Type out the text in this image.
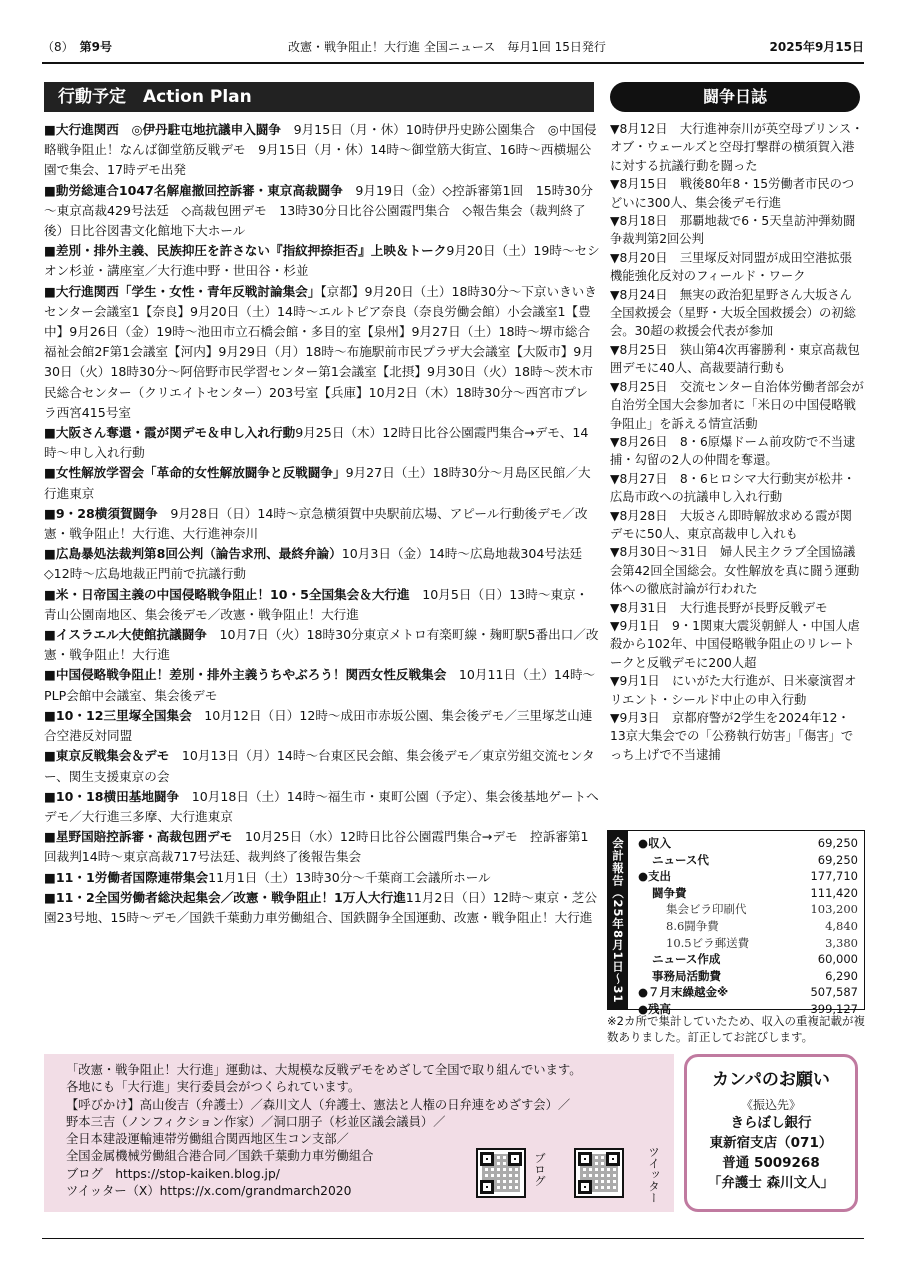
（8）　 第9号	改憲・戦争阻止！大行進 全国ニュース　毎月1回 15日発行	2025年9月15日
行動予定　Action Plan

■大行進関西　◎伊丹駐屯地抗議申入闘争　9月15日（月・休）10時伊丹史跡公園集合　◎中国侵略戦争阻止！なんば御堂筋反戦デモ　9月15日（月・休）14時～御堂筋大街宣、16時～西横堀公園で集会、17時デモ出発

■動労総連合1047名解雇撤回控訴審・東京高裁闘争　9月19日（金）◇控訴審第1回　15時30分～東京高裁429号法廷　◇高裁包囲デモ　13時30分日比谷公園霞門集合　◇報告集会（裁判終了後）日比谷図書文化館地下大ホール

■差別・排外主義、民族抑圧を許さない『指紋押捺拒否』上映＆トーク9月20日（土）19時～セシオン杉並・講座室／大行進中野・世田谷・杉並

■大行進関西「学生・女性・青年反戦討論集会」【京都】9月20日（土）18時30分～下京いきいきセンター会議室1【奈良】9月20日（土）14時～エルトピア奈良（奈良労働会館）小会議室1【豊中】9月26日（金）19時～池田市立石橋会館・多目的室【泉州】9月27日（土）18時～堺市総合福祉会館2F第1会議室【河内】9月29日（月）18時～布施駅前市民プラザ大会議室【大阪市】9月30日（火）18時30分～阿倍野市民学習センター第1会議室【北摂】9月30日（火）18時～茨木市民総合センター（クリエイトセンター）203号室【兵庫】10月2日（木）18時30分～西宮市プレラ西宮415号室

■大阪さん奪還・霞が関デモ＆申し入れ行動9月25日（木）12時日比谷公園霞門集合→デモ、14時～申し入れ行動

■女性解放学習会「革命的女性解放闘争と反戦闘争」9月27日（土）18時30分～月島区民館／大行進東京

■9・28横須賀闘争　9月28日（日）14時～京急横須賀中央駅前広場、アピール行動後デモ／改憲・戦争阻止！大行進、大行進神奈川

■広島暴処法裁判第8回公判（論告求刑、最終弁論）10月3日（金）14時～広島地裁304号法廷　◇12時～広島地裁正門前で抗議行動

■米・日帝国主義の中国侵略戦争阻止！10・5全国集会＆大行進　10月5日（日）13時～東京・青山公園南地区、集会後デモ／改憲・戦争阻止！大行進

■イスラエル大使館抗議闘争　10月7日（火）18時30分東京メトロ有楽町線・麹町駅5番出口／改憲・戦争阻止！大行進

■中国侵略戦争阻止！差別・排外主義うちやぶろう！関西女性反戦集会　10月11日（土）14時～PLP会館中会議室、集会後デモ

■10・12三里塚全国集会　10月12日（日）12時～成田市赤坂公園、集会後デモ／三里塚芝山連合空港反対同盟

■東京反戦集会＆デモ　10月13日（月）14時～台東区民会館、集会後デモ／東京労組交流センター、関生支援東京の会

■10・18横田基地闘争　10月18日（土）14時～福生市・東町公園（予定）、集会後基地ゲートへデモ／大行進三多摩、大行進東京

■星野国賠控訴審・高裁包囲デモ　10月25日（水）12時日比谷公園霞門集合→デモ　控訴審第1回裁判14時～東京高裁717号法廷、裁判終了後報告集会

■11・1労働者国際連帯集会11月1日（土）13時30分～千葉商工会議所ホール

■11・2全国労働者総決起集会／改憲・戦争阻止！1万人大行進11月2日（日）12時～東京・芝公園23号地、15時～デモ／国鉄千葉動力車労働組合、国鉄闘争全国運動、改憲・戦争阻止！大行進

闘争日誌

▼8月12日　大行進神奈川が英空母プリンス・オブ・ウェールズと空母打撃群の横須賀入港に対する抗議行動を闘った

▼8月15日　戦後80年8・15労働者市民のつどいに300人、集会後デモ行進

▼8月18日　那覇地裁で6・5天皇訪沖弾劾闘争裁判第2回公判

▼8月20日　三里塚反対同盟が成田空港拡張機能強化反対のフィールド・ワーク

▼8月24日　無実の政治犯星野さん大坂さん全国救援会（星野・大坂全国救援会）の初総会。30超の救援会代表が参加

▼8月25日　狭山第4次再審勝利・東京高裁包囲デモに40人、高裁要請行動も

▼8月25日　交流センター自治体労働者部会が自治労全国大会参加者に「米日の中国侵略戦争阻止」を訴える情宣活動

▼8月26日　8・6原爆ドーム前攻防で不当逮捕・勾留の2人の仲間を奪還。

▼8月27日　8・6ヒロシマ大行動実が松井・広島市政への抗議申し入れ行動

▼8月28日　大坂さん即時解放求める霞が関デモに50人、東京高裁申し入れも

▼8月30日～31日　婦人民主クラブ全国協議会第42回全国総会。女性解放を真に闘う運動体への徹底討論が行われた

▼8月31日　大行進長野が長野反戦デモ

▼9月1日　9・1関東大震災朝鮮人・中国人虐殺から102年、中国侵略戦争阻止のリレートークと反戦デモに200人超

▼9月1日　にいがた大行進が、日米豪演習オリエント・シールド中止の申入行動

▼9月3日　京都府警が2学生を2024年12・13京大集会での「公務執行妨害」「傷害」でっち上げで不当逮捕

会計報告（25年8月1日～31日）
●収入	69,250
ニュース代	69,250
●支出	177,710
闘争費	111,420
集会ビラ印刷代	103,200
8.6闘争費	4,840
10.5ビラ郵送費	3,380
ニュース作成	60,000
事務局活動費	6,290
●７月末繰越金※	507,587
●残高	399,127
※2カ所で集計していたため、収入の重複記載が複数ありました。訂正してお詫びします。

「改憲・戦争阻止！大行進」運動は、大規模な反戦デモをめざして全国で取り組んでいます。

各地にも「大行進」実行委員会がつくられています。

【呼びかけ】高山俊吉（弁護士）／森川文人（弁護士、憲法と人権の日弁連をめざす会）／

野本三吉（ノンフィクション作家）／洞口朋子（杉並区議会議員）／

全日本建設運輸連帯労働組合関西地区生コン支部／

全国金属機械労働組合港合同／国鉄千葉動力車労働組合

ブログ　https://stop-kaiken.blog.jp/

ツイッター（X）https://x.com/grandmarch2020

ブログ	ツイッター
カンパのお願い
《振込先》
きらぼし銀行
東新宿支店（071）
普通 5009268
「弁護士 森川文人」
